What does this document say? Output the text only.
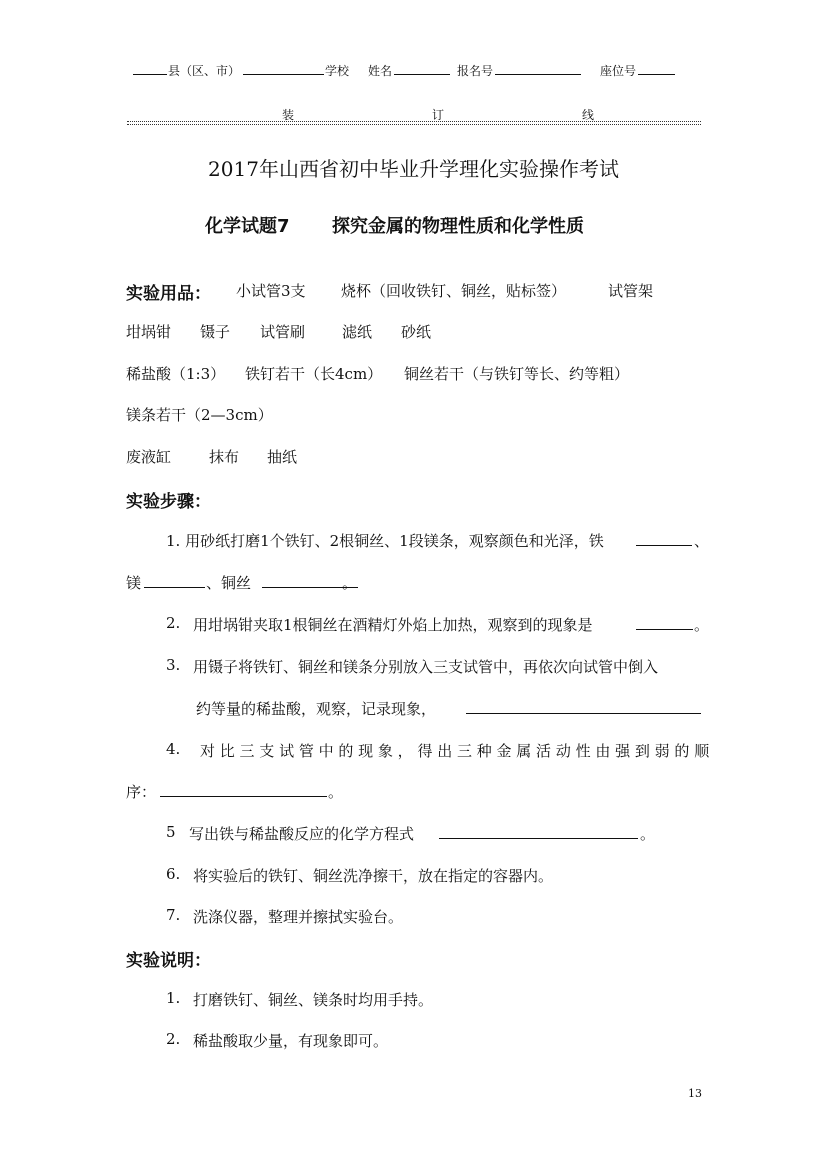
县（区、市）	学校 姓名	报名号	座位号
装	订	线
2017年山西省初中毕业升学理化实验操作考试
化学试题7 探究金属的物理性质和化学性质
实验用品： 小试管3支 烧杯（回收铁钉、铜丝，贴标签）	试管架
坩埚钳 镊子 试管刷 滤纸 砂纸
稀盐酸（1:3） 铁钉若干（长4cm） 铜丝若干（与铁钉等长、约等粗）
镁条若干（2—3cm）
废液缸	抹布 抽纸
实验步骤：
1. 用砂纸打磨1个铁钉、2根铜丝、1段镁条，观察颜色和光泽，铁	、
镁	、铜丝	。
2. 用坩埚钳夹取1根铜丝在酒精灯外焰上加热，观察到的现象是	。
3. 用镊子将铁钉、铜丝和镁条分别放入三支试管中，再依次向试管中倒入
约等量的稀盐酸，观察，记录现象，
4. 对 比 三 支 试 管 中 的 现 象 ， 得 出 三 种 金 属 活 动 性 由 强 到 弱 的 顺
序：	。
5 写出铁与稀盐酸反应的化学方程式	。
6. 将实验后的铁钉、铜丝洗净擦干，放在指定的容器内。
7. 洗涤仪器，整理并擦拭实验台。
实验说明：
1. 打磨铁钉、铜丝、镁条时均用手持。
2. 稀盐酸取少量，有现象即可。
13
